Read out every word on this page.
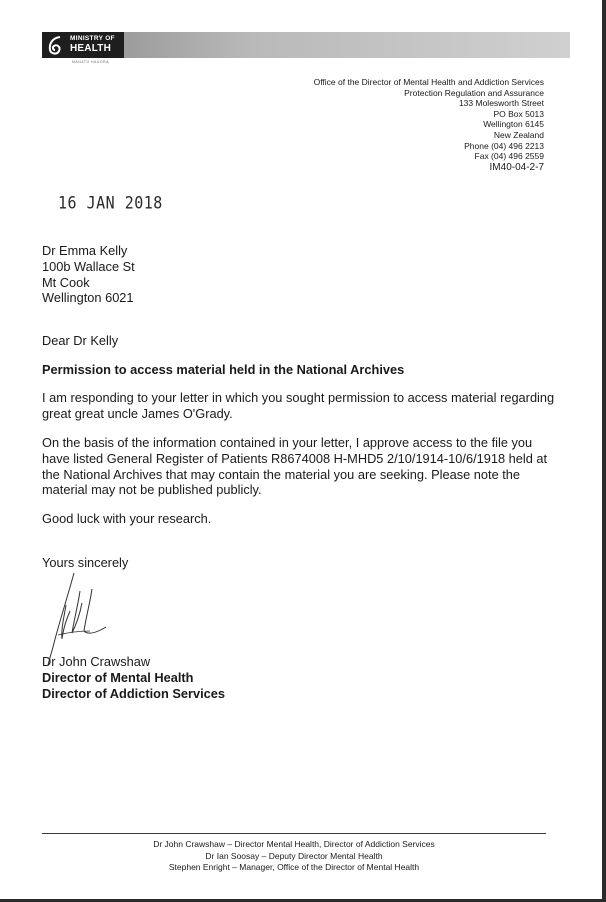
MINISTRY OF
HEALTH
MANATŪ HAUORA
Office of the Director of Mental Health and Addiction Services
Protection Regulation and Assurance
133 Molesworth Street
PO Box 5013
Wellington 6145
New Zealand
Phone (04) 496 2213
Fax (04) 496 2559
IM40-04-2-7
16 JAN 2018
Dr Emma Kelly
100b Wallace St
Mt Cook
Wellington 6021
Dear Dr Kelly
Permission to access material held in the National Archives
I am responding to your letter in which you sought permission to access material regarding great great uncle James O'Grady.
On the basis of the information contained in your letter, I approve access to the file you have listed General Register of Patients R8674008 H-MHD5 2/10/1914-10/6/1918 held at the National Archives that may contain the material you are seeking. Please note the material may not be published publicly.
Good luck with your research.
Yours sincerely
Dr John Crawshaw
Director of Mental Health
Director of Addiction Services
Dr John Crawshaw – Director Mental Health, Director of Addiction Services
Dr Ian Soosay – Deputy Director Mental Health
Stephen Enright – Manager, Office of the Director of Mental Health
